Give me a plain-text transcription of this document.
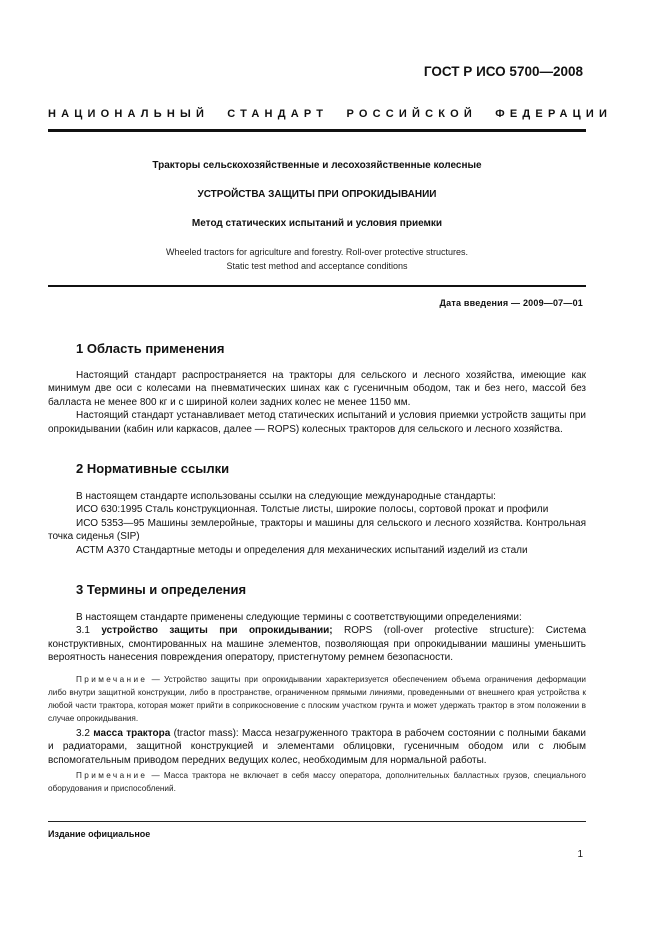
ГОСТ Р ИСО 5700—2008
НАЦИОНАЛЬНЫЙ СТАНДАРТ РОССИЙСКОЙ ФЕДЕРАЦИИ
Тракторы сельскохозяйственные и лесохозяйственные колесные
УСТРОЙСТВА ЗАЩИТЫ ПРИ ОПРОКИДЫВАНИИ
Метод статических испытаний и условия приемки
Wheeled tractors for agriculture and forestry. Roll-over protective structures.
Static test method and acceptance conditions
Дата введения — 2009—07—01
1 Область применения

Настоящий стандарт распространяется на тракторы для сельского и лесного хозяйства, имеющие как минимум две оси с колесами на пневматических шинах как с гусеничным ободом, так и без него, массой без балласта не менее 800 кг и с шириной колеи задних колес не менее 1150 мм.

Настоящий стандарт устанавливает метод статических испытаний и условия приемки устройств защиты при опрокидывании (кабин или каркасов, далее — ROPS) колесных тракторов для сельского и лесного хозяйства.

2 Нормативные ссылки

В настоящем стандарте использованы ссылки на следующие международные стандарты:

ИСО 630:1995 Сталь конструкционная. Толстые листы, широкие полосы, сортовой прокат и профили

ИСО 5353—95 Машины землеройные, тракторы и машины для сельского и лесного хозяйства. Контрольная точка сиденья (SIP)

АСТМ А370 Стандартные методы и определения для механических испытаний изделий из стали

3 Термины и определения

В настоящем стандарте применены следующие термины с соответствующими определениями:

3.1 устройство защиты при опрокидывании; ROPS (roll-over protective structure): Система конструктивных, смонтированных на машине элементов, позволяющая при опрокидывании машины уменьшить вероятность нанесения повреждения оператору, пристегнутому ремнем безопасности.

Примечание — Устройство защиты при опрокидывании характеризуется обеспечением объема ограничения деформации либо внутри защитной конструкции, либо в пространстве, ограниченном прямыми линиями, проведенными от внешнего края устройства к любой части трактора, которая может прийти в соприкосновение с плоским участком грунта и может удержать трактор в этом положении в случае опрокидывания.

3.2 масса трактора (tractor mass): Масса незагруженного трактора в рабочем состоянии с полными баками и радиаторами, защитной конструкцией и элементами облицовки, гусеничным ободом или с любым вспомогательным приводом передних ведущих колес, необходимым для нормальной работы.

Примечание — Масса трактора не включает в себя массу оператора, дополнительных балластных грузов, специального оборудования и приспособлений.

Издание официальное
1
